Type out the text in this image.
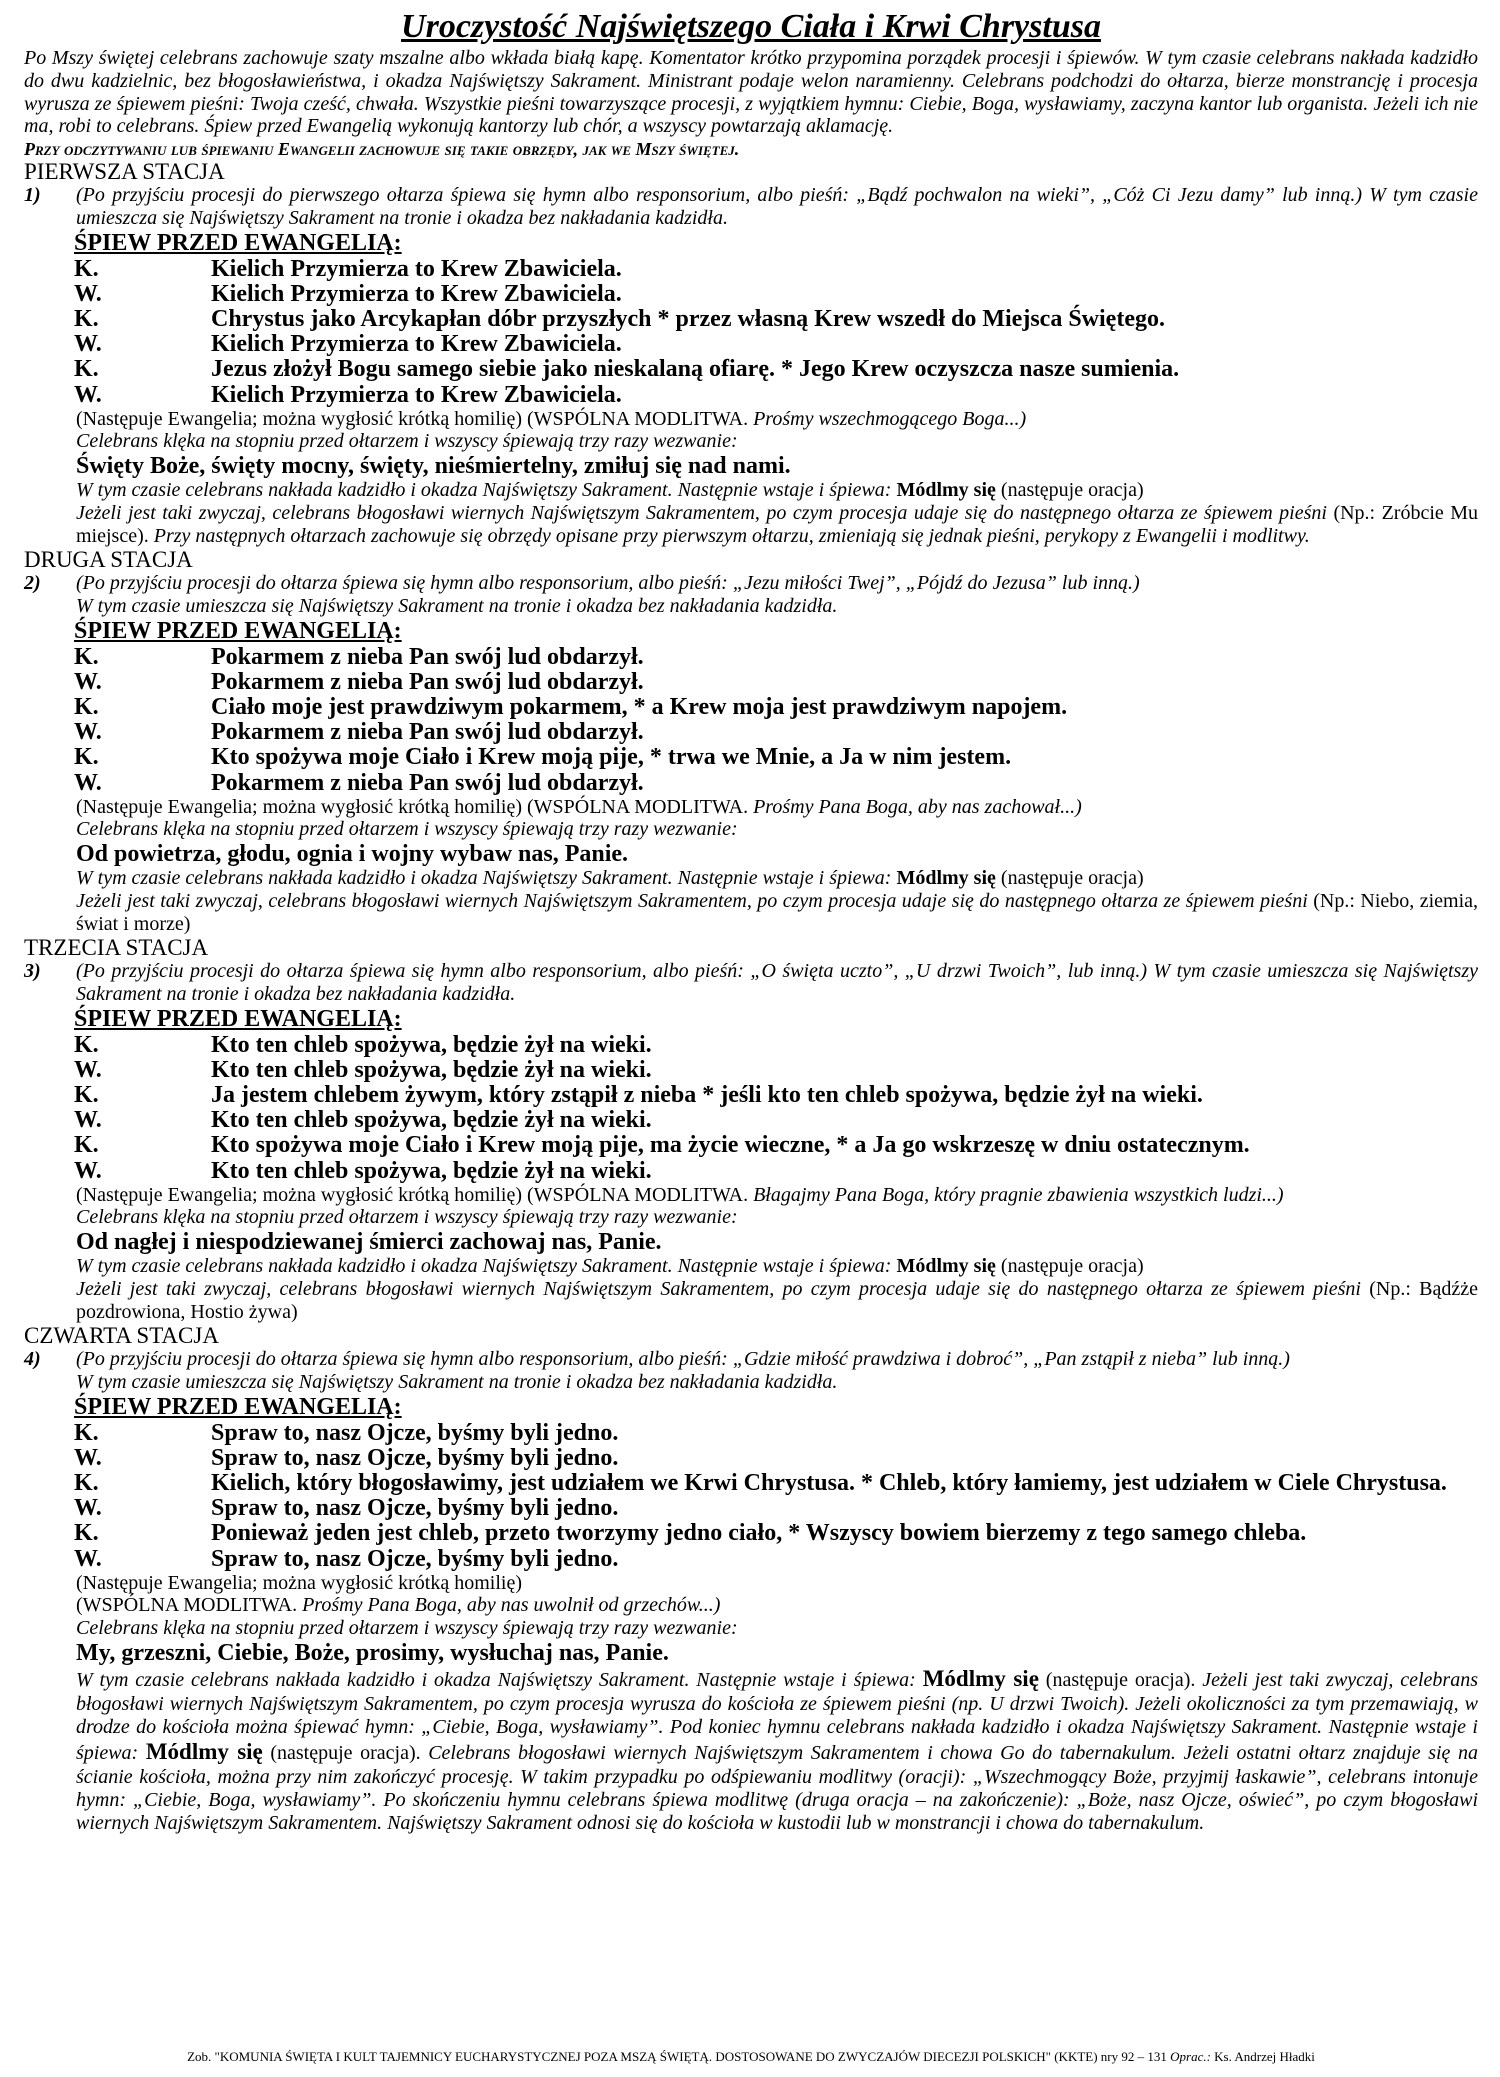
Uroczystość Najświętszego Ciała i Krwi Chrystusa

Po Mszy świętej celebrans zachowuje szaty mszalne albo wkłada białą kapę. Komentator krótko przypomina porządek procesji i śpiewów. W tym czasie celebrans nakłada kadzidło do dwu kadzielnic, bez błogosławieństwa, i okadza Najświętszy Sakrament. Ministrant podaje welon naramienny. Celebrans podchodzi do ołtarza, bierze monstrancję i procesja wyrusza ze śpiewem pieśni: Twoja cześć, chwała. Wszystkie pieśni towarzyszące procesji, z wyjątkiem hymnu: Ciebie, Boga, wysławiamy, zaczyna kantor lub organista. Jeżeli ich nie ma, robi to celebrans. Śpiew przed Ewangelią wykonują kantorzy lub chór, a wszyscy powtarzają aklamację.

Przy odczytywaniu lub śpiewaniu Ewangelii zachowuje się takie obrzędy, jak we Mszy świętej.

PIERWSZA STACJA

1)	(Po przyjściu procesji do pierwszego ołtarza śpiewa się hymn albo responsorium, albo pieśń: „Bądź pochwalon na wieki”, „Cóż Ci Jezu damy” lub inną.) W tym czasie umieszcza się Najświętszy Sakrament na tronie i okadza bez nakładania kadzidła.

ŚPIEW PRZED EWANGELIĄ:

K.	Kielich Przymierza to Krew Zbawiciela.
W.	Kielich Przymierza to Krew Zbawiciela.
K.	Chrystus jako Arcykapłan dóbr przyszłych * przez własną Krew wszedł do Miejsca Świętego.
W.	Kielich Przymierza to Krew Zbawiciela.
K.	Jezus złożył Bogu samego siebie jako nieskalaną ofiarę. * Jego Krew oczyszcza nasze sumienia.
W.	Kielich Przymierza to Krew Zbawiciela.

(Następuje Ewangelia; można wygłosić krótką homilię) (WSPÓLNA MODLITWA. Prośmy wszechmogącego Boga...)

Celebrans klęka na stopniu przed ołtarzem i wszyscy śpiewają trzy razy wezwanie:

Święty Boże, święty mocny, święty, nieśmiertelny, zmiłuj się nad nami.

W tym czasie celebrans nakłada kadzidło i okadza Najświętszy Sakrament. Następnie wstaje i śpiewa: Módlmy się (następuje oracja)

Jeżeli jest taki zwyczaj, celebrans błogosławi wiernych Najświętszym Sakramentem, po czym procesja udaje się do następnego ołtarza ze śpiewem pieśni (Np.: Zróbcie Mu miejsce). Przy następnych ołtarzach zachowuje się obrzędy opisane przy pierwszym ołtarzu, zmieniają się jednak pieśni, perykopy z Ewangelii i modlitwy.

DRUGA STACJA

2)	(Po przyjściu procesji do ołtarza śpiewa się hymn albo responsorium, albo pieśń: „Jezu miłości Twej”, „Pójdź do Jezusa” lub inną.)

W tym czasie umieszcza się Najświętszy Sakrament na tronie i okadza bez nakładania kadzidła.

ŚPIEW PRZED EWANGELIĄ:

K.	Pokarmem z nieba Pan swój lud obdarzył.
W.	Pokarmem z nieba Pan swój lud obdarzył.
K.	Ciało moje jest prawdziwym pokarmem, * a Krew moja jest prawdziwym napojem.
W.	Pokarmem z nieba Pan swój lud obdarzył.
K.	Kto spożywa moje Ciało i Krew moją pije, * trwa we Mnie, a Ja w nim jestem.
W.	Pokarmem z nieba Pan swój lud obdarzył.

(Następuje Ewangelia; można wygłosić krótką homilię) (WSPÓLNA MODLITWA. Prośmy Pana Boga, aby nas zachował...)

Celebrans klęka na stopniu przed ołtarzem i wszyscy śpiewają trzy razy wezwanie:

Od powietrza, głodu, ognia i wojny wybaw nas, Panie.

W tym czasie celebrans nakłada kadzidło i okadza Najświętszy Sakrament. Następnie wstaje i śpiewa: Módlmy się (następuje oracja)

Jeżeli jest taki zwyczaj, celebrans błogosławi wiernych Najświętszym Sakramentem, po czym procesja udaje się do następnego ołtarza ze śpiewem pieśni (Np.: Niebo, ziemia, świat i morze)

TRZECIA STACJA

3)	(Po przyjściu procesji do ołtarza śpiewa się hymn albo responsorium, albo pieśń: „O święta uczto”, „U drzwi Twoich”, lub inną.) W tym czasie umieszcza się Najświętszy Sakrament na tronie i okadza bez nakładania kadzidła.

ŚPIEW PRZED EWANGELIĄ:

K.	Kto ten chleb spożywa, będzie żył na wieki.
W.	Kto ten chleb spożywa, będzie żył na wieki.
K.	Ja jestem chlebem żywym, który zstąpił z nieba * jeśli kto ten chleb spożywa, będzie żył na wieki.
W.	Kto ten chleb spożywa, będzie żył na wieki.
K.	Kto spożywa moje Ciało i Krew moją pije, ma życie wieczne, * a Ja go wskrzeszę w dniu ostatecznym.
W.	Kto ten chleb spożywa, będzie żył na wieki.

(Następuje Ewangelia; można wygłosić krótką homilię) (WSPÓLNA MODLITWA. Błagajmy Pana Boga, który pragnie zbawienia wszystkich ludzi...)

Celebrans klęka na stopniu przed ołtarzem i wszyscy śpiewają trzy razy wezwanie:

Od nagłej i niespodziewanej śmierci zachowaj nas, Panie.

W tym czasie celebrans nakłada kadzidło i okadza Najświętszy Sakrament. Następnie wstaje i śpiewa: Módlmy się (następuje oracja)

Jeżeli jest taki zwyczaj, celebrans błogosławi wiernych Najświętszym Sakramentem, po czym procesja udaje się do następnego ołtarza ze śpiewem pieśni (Np.: Bądźże pozdrowiona, Hostio żywa)

CZWARTA STACJA

4)	(Po przyjściu procesji do ołtarza śpiewa się hymn albo responsorium, albo pieśń: „Gdzie miłość prawdziwa i dobroć”, „Pan zstąpił z nieba” lub inną.)

W tym czasie umieszcza się Najświętszy Sakrament na tronie i okadza bez nakładania kadzidła.

ŚPIEW PRZED EWANGELIĄ:

K.	Spraw to, nasz Ojcze, byśmy byli jedno.
W.	Spraw to, nasz Ojcze, byśmy byli jedno.
K.	Kielich, który błogosławimy, jest udziałem we Krwi Chrystusa. * Chleb, który łamiemy, jest udziałem w Ciele Chrystusa.
W.	Spraw to, nasz Ojcze, byśmy byli jedno.
K.	Ponieważ jeden jest chleb, przeto tworzymy jedno ciało, * Wszyscy bowiem bierzemy z tego samego chleba.
W.	Spraw to, nasz Ojcze, byśmy byli jedno.

(Następuje Ewangelia; można wygłosić krótką homilię)

(WSPÓLNA MODLITWA. Prośmy Pana Boga, aby nas uwolnił od grzechów...)

Celebrans klęka na stopniu przed ołtarzem i wszyscy śpiewają trzy razy wezwanie:

My, grzeszni, Ciebie, Boże, prosimy, wysłuchaj nas, Panie.

W tym czasie celebrans nakłada kadzidło i okadza Najświętszy Sakrament. Następnie wstaje i śpiewa: Módlmy się (następuje oracja). Jeżeli jest taki zwyczaj, celebrans błogosławi wiernych Najświętszym Sakramentem, po czym procesja wyrusza do kościoła ze śpiewem pieśni (np. U drzwi Twoich). Jeżeli okoliczności za tym przemawiają, w drodze do kościoła można śpiewać hymn: „Ciebie, Boga, wysławiamy”. Pod koniec hymnu celebrans nakłada kadzidło i okadza Najświętszy Sakrament. Następnie wstaje i śpiewa: Módlmy się (następuje oracja). Celebrans błogosławi wiernych Najświętszym Sakramentem i chowa Go do tabernakulum. Jeżeli ostatni ołtarz znajduje się na ścianie kościoła, można przy nim zakończyć procesję. W takim przypadku po odśpiewaniu modlitwy (oracji): „Wszechmogący Boże, przyjmij łaskawie”, celebrans intonuje hymn: „Ciebie, Boga, wysławiamy”. Po skończeniu hymnu celebrans śpiewa modlitwę (druga oracja – na zakończenie): „Boże, nasz Ojcze, oświeć”, po czym błogosławi wiernych Najświętszym Sakramentem. Najświętszy Sakrament odnosi się do kościoła w kustodii lub w monstrancji i chowa do tabernakulum.

Zob. "KOMUNIA ŚWIĘTA I KULT TAJEMNICY EUCHARYSTYCZNEJ POZA MSZĄ ŚWIĘTĄ. DOSTOSOWANE DO ZWYCZAJÓW DIECEZJI POLSKICH" (KKTE) nry 92 – 131 Oprac.: Ks. Andrzej Hładki
